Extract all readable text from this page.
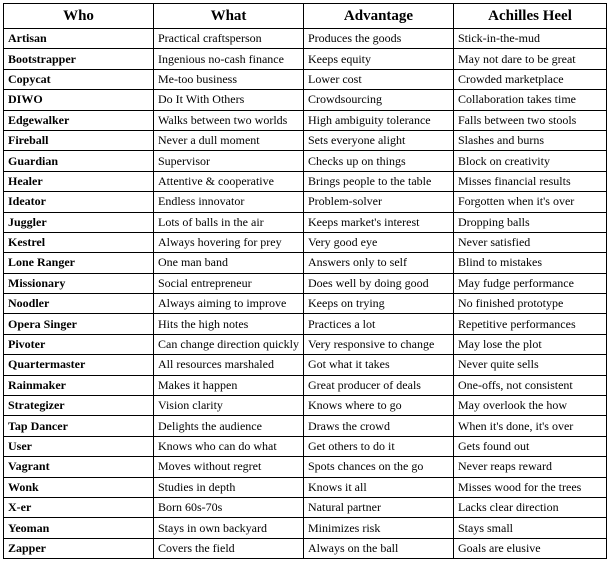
Who	What	Advantage	Achilles Heel
Artisan	Practical craftsperson	Produces the goods	Stick-in-the-mud
Bootstrapper	Ingenious no-cash finance	Keeps equity	May not dare to be great
Copycat	Me-too business	Lower cost	Crowded marketplace
DIWO	Do It With Others	Crowdsourcing	Collaboration takes time
Edgewalker	Walks between two worlds	High ambiguity tolerance	Falls between two stools
Fireball	Never a dull moment	Sets everyone alight	Slashes and burns
Guardian	Supervisor	Checks up on things	Block on creativity
Healer	Attentive & cooperative	Brings people to the table	Misses financial results
Ideator	Endless innovator	Problem-solver	Forgotten when it's over
Juggler	Lots of balls in the air	Keeps market's interest	Dropping balls
Kestrel	Always hovering for prey	Very good eye	Never satisfied
Lone Ranger	One man band	Answers only to self	Blind to mistakes
Missionary	Social entrepreneur	Does well by doing good	May fudge performance
Noodler	Always aiming to improve	Keeps on trying	No finished prototype
Opera Singer	Hits the high notes	Practices a lot	Repetitive performances
Pivoter	Can change direction quickly	Very responsive to change	May lose the plot
Quartermaster	All resources marshaled	Got what it takes	Never quite sells
Rainmaker	Makes it happen	Great producer of deals	One-offs, not consistent
Strategizer	Vision clarity	Knows where to go	May overlook the how
Tap Dancer	Delights the audience	Draws the crowd	When it's done, it's over
User	Knows who can do what	Get others to do it	Gets found out
Vagrant	Moves without regret	Spots chances on the go	Never reaps reward
Wonk	Studies in depth	Knows it all	Misses wood for the trees
X-er	Born 60s-70s	Natural partner	Lacks clear direction
Yeoman	Stays in own backyard	Minimizes risk	Stays small
Zapper	Covers the field	Always on the ball	Goals are elusive
